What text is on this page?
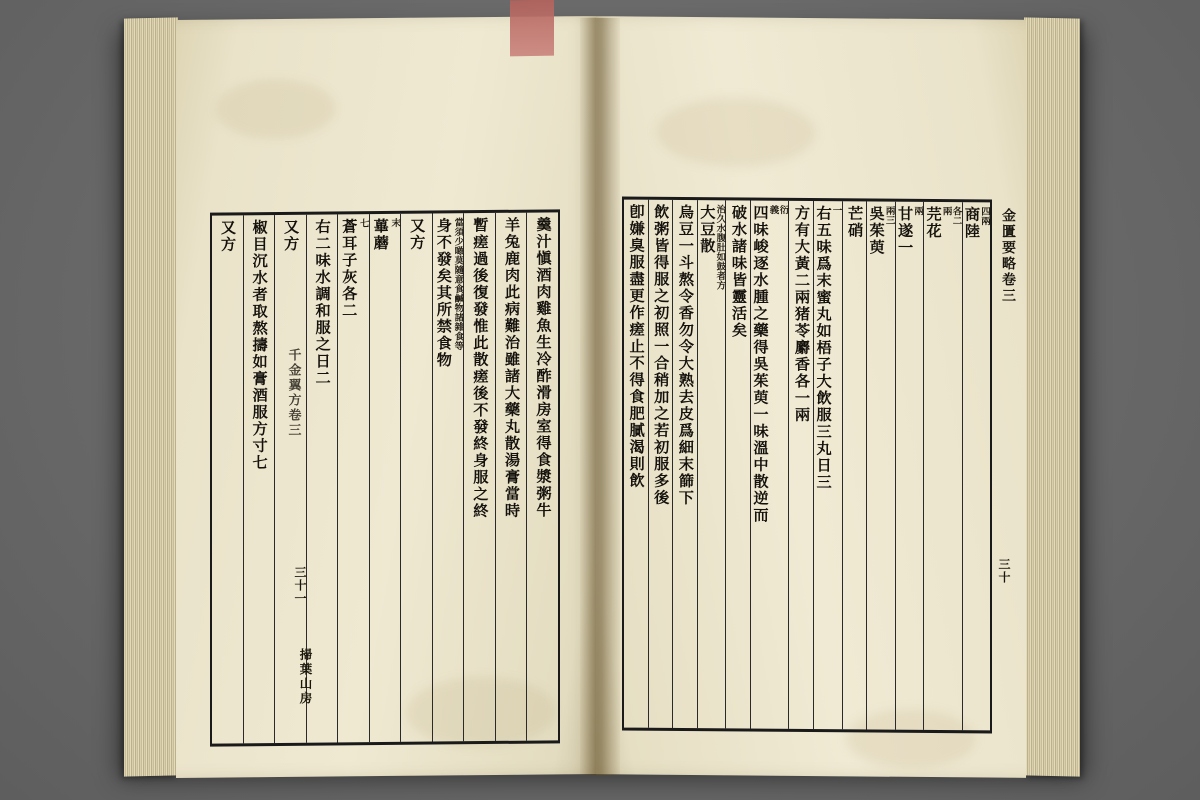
商陸
四兩
芫花 各二
兩
甘遂一
兩
吳茱萸
兩三
芒硝
右五味爲末蜜丸如梧子大飲服三丸日三
一
方有大黃二兩猪苓麝香各一兩
四味峻逐水腫之藥得吳茱萸一味溫中散逆而 衍
義
破水諸味皆靈活矣
大豆散
治久水腹肚如鼓者方
烏豆一斗熬令香勿令大熟去皮爲細末篩下
飲粥皆得服之初照一合稍加之若初服多後
卽嫌臭服盡更作瘥止不得食肥膩渴則飲	金匱要略卷三
三十
羹汁愼酒肉雞魚生冷酢滑房室得食漿粥牛
羊兔鹿肉此病難治雖諸大藥丸散湯膏當時
暫瘥過後復發惟此散瘥後不發終身服之終
身不發矣其所禁食物 當須少噉莫隨意食鹹物諸雜食等
又方
蓽蘑 末
蒼耳子灰各二 七
右二味水調和服之日二
又方
椒目沉水者取熬擣如膏酒服方寸七
又方
千金翼方卷三
三十一
掃葉山房
